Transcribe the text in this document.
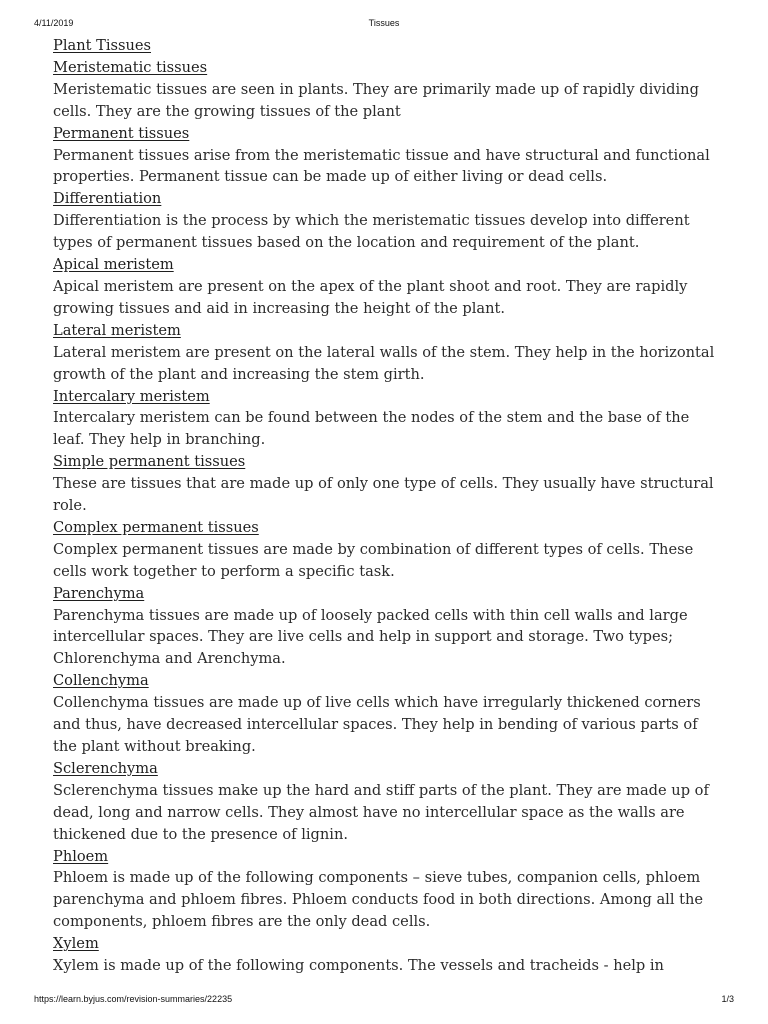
4/11/2019	Tissues
Plant Tissues
Meristematic tissues

Meristematic tissues are seen in plants. They are primarily made up of rapidly dividing cells. They are the growing tissues of the plant

Permanent tissues

Permanent tissues arise from the meristematic tissue and have structural and functional properties. Permanent tissue can be made up of either living or dead cells.

Differentiation

Differentiation is the process by which the meristematic tissues develop into different types of permanent tissues based on the location and requirement of the plant.

Apical meristem

Apical meristem are present on the apex of the plant shoot and root. They are rapidly growing tissues and aid in increasing the height of the plant.

Lateral meristem

Lateral meristem are present on the lateral walls of the stem. They help in the horizontal growth of the plant and increasing the stem girth.

Intercalary meristem

Intercalary meristem can be found between the nodes of the stem and the base of the leaf. They help in branching.

Simple permanent tissues

These are tissues that are made up of only one type of cells. They usually have structural role.

Complex permanent tissues

Complex permanent tissues are made by combination of different types of cells. These cells work together to perform a specific task.

Parenchyma

Parenchyma tissues are made up of loosely packed cells with thin cell walls and large intercellular spaces. They are live cells and help in support and storage. Two types; Chlorenchyma and Arenchyma.

Collenchyma

Collenchyma tissues are made up of live cells which have irregularly thickened corners and thus, have decreased intercellular spaces. They help in bending of various parts of the plant without breaking.

Sclerenchyma

Sclerenchyma tissues make up the hard and stiff parts of the plant. They are made up of dead, long and narrow cells. They almost have no intercellular space as the walls are thickened due to the presence of lignin.

Phloem

Phloem is made up of the following components – sieve tubes, companion cells, phloem parenchyma and phloem fibres. Phloem conducts food in both directions. Among all the components, phloem fibres are the only dead cells.

Xylem

Xylem is made up of the following components. The vessels and tracheids - help in

https://learn.byjus.com/revision-summaries/22235	1/3
